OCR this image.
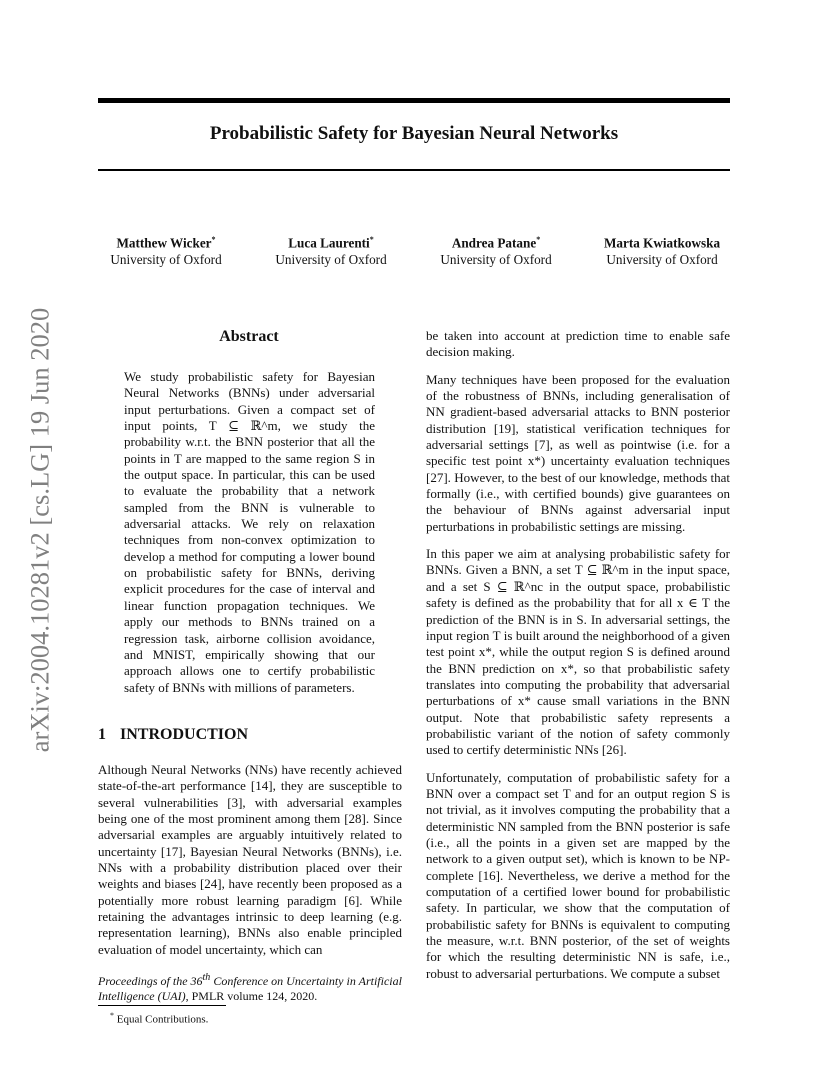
Probabilistic Safety for Bayesian Neural Networks
Matthew Wicker*
University of Oxford
Luca Laurenti*
University of Oxford
Andrea Patane*
University of Oxford
Marta Kwiatkowska
University of Oxford
arXiv:2004.10281v2 [cs.LG] 19 Jun 2020	Abstract
We study probabilistic safety for Bayesian Neural Networks (BNNs) under adversarial input perturbations. Given a compact set of input points, T ⊆ ℝ^m, we study the probability w.r.t. the BNN posterior that all the points in T are mapped to the same region S in the output space. In particular, this can be used to evaluate the probability that a network sampled from the BNN is vulnerable to adversarial attacks. We rely on relaxation techniques from non-convex optimization to develop a method for computing a lower bound on probabilistic safety for BNNs, deriving explicit procedures for the case of interval and linear function propagation techniques. We apply our methods to BNNs trained on a regression task, airborne collision avoidance, and MNIST, empirically showing that our approach allows one to certify probabilistic safety of BNNs with millions of parameters.
1 INTRODUCTION
Although Neural Networks (NNs) have recently achieved state-of-the-art performance [14], they are susceptible to several vulnerabilities [3], with adversarial examples being one of the most prominent among them [28]. Since adversarial examples are arguably intuitively related to uncertainty [17], Bayesian Neural Networks (BNNs), i.e. NNs with a probability distribution placed over their weights and biases [24], have recently been proposed as a potentially more robust learning paradigm [6]. While retaining the advantages intrinsic to deep learning (e.g. representation learning), BNNs also enable principled evaluation of model uncertainty, which can
Proceedings of the 36th Conference on Uncertainty in Artificial Intelligence (UAI), PMLR volume 124, 2020.
* Equal Contributions.

be taken into account at prediction time to enable safe decision making.

Many techniques have been proposed for the evaluation of the robustness of BNNs, including generalisation of NN gradient-based adversarial attacks to BNN posterior distribution [19], statistical verification techniques for adversarial settings [7], as well as pointwise (i.e. for a specific test point x*) uncertainty evaluation techniques [27]. However, to the best of our knowledge, methods that formally (i.e., with certified bounds) give guarantees on the behaviour of BNNs against adversarial input perturbations in probabilistic settings are missing.

In this paper we aim at analysing probabilistic safety for BNNs. Given a BNN, a set T ⊆ ℝ^m in the input space, and a set S ⊆ ℝ^nc in the output space, probabilistic safety is defined as the probability that for all x ∈ T the prediction of the BNN is in S. In adversarial settings, the input region T is built around the neighborhood of a given test point x*, while the output region S is defined around the BNN prediction on x*, so that probabilistic safety translates into computing the probability that adversarial perturbations of x* cause small variations in the BNN output. Note that probabilistic safety represents a probabilistic variant of the notion of safety commonly used to certify deterministic NNs [26].

Unfortunately, computation of probabilistic safety for a BNN over a compact set T and for an output region S is not trivial, as it involves computing the probability that a deterministic NN sampled from the BNN posterior is safe (i.e., all the points in a given set are mapped by the network to a given output set), which is known to be NP-complete [16]. Nevertheless, we derive a method for the computation of a certified lower bound for probabilistic safety. In particular, we show that the computation of probabilistic safety for BNNs is equivalent to computing the measure, w.r.t. BNN posterior, of the set of weights for which the resulting deterministic NN is safe, i.e., robust to adversarial perturbations. We compute a subset
